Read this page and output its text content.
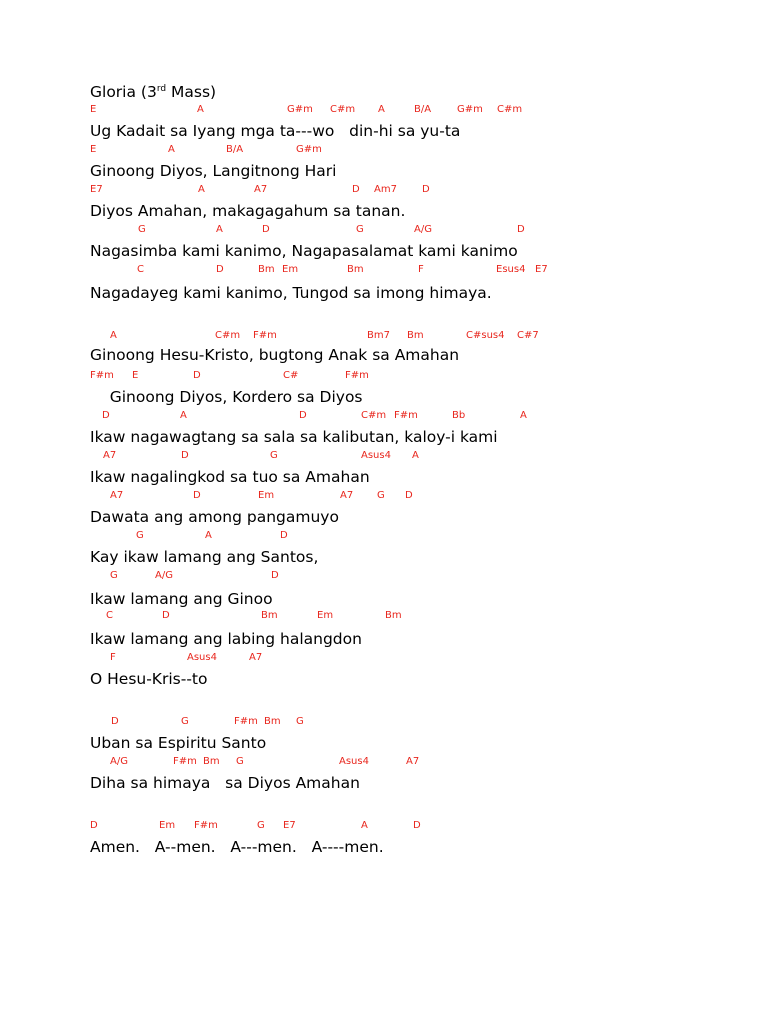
Gloria (3rd Mass)

E	A	G#m C#m A	B/A	G#m C#m

Ug Kadait sa Iyang mga ta---wo   din-hi sa yu-ta

E	A	B/A	G#m

Ginoong Diyos, Langitnong Hari

E7	A	A7	D Am7	D

Diyos Amahan, makagagahum sa tanan.

G	A	D	G	A/G	D

Nagasimba kami kanimo, Nagapasalamat kami kanimo

C	D	Bm Em	Bm	F	Esus4 E7

Nagadayeg kami kanimo, Tungod sa imong himaya.

A	C#m F#m	Bm7 Bm	C#sus4 C#7

Ginoong Hesu-Kristo, bugtong Anak sa Amahan

F#m E	D	C#	F#m

Ginoong Diyos, Kordero sa Diyos

D	A	D	C#m F#m	Bb	A

Ikaw nagawagtang sa sala sa kalibutan, kaloy-i kami

A7	D	G	Asus4 A

Ikaw nagalingkod sa tuo sa Amahan

A7	D	Em	A7 G D

Dawata ang among pangamuyo

G	A	D

Kay ikaw lamang ang Santos,

G	A/G	D

Ikaw lamang ang Ginoo

C	D	Bm	Em	Bm

Ikaw lamang ang labing halangdon

F	Asus4	A7

O Hesu-Kris--to

D	G	F#m Bm G

Uban sa Espiritu Santo

A/G	F#m Bm G	Asus4	A7

Diha sa himaya   sa Diyos Amahan

D	Em F#m	G E7	A	D

Amen.   A--men.   A---men.   A----men.
